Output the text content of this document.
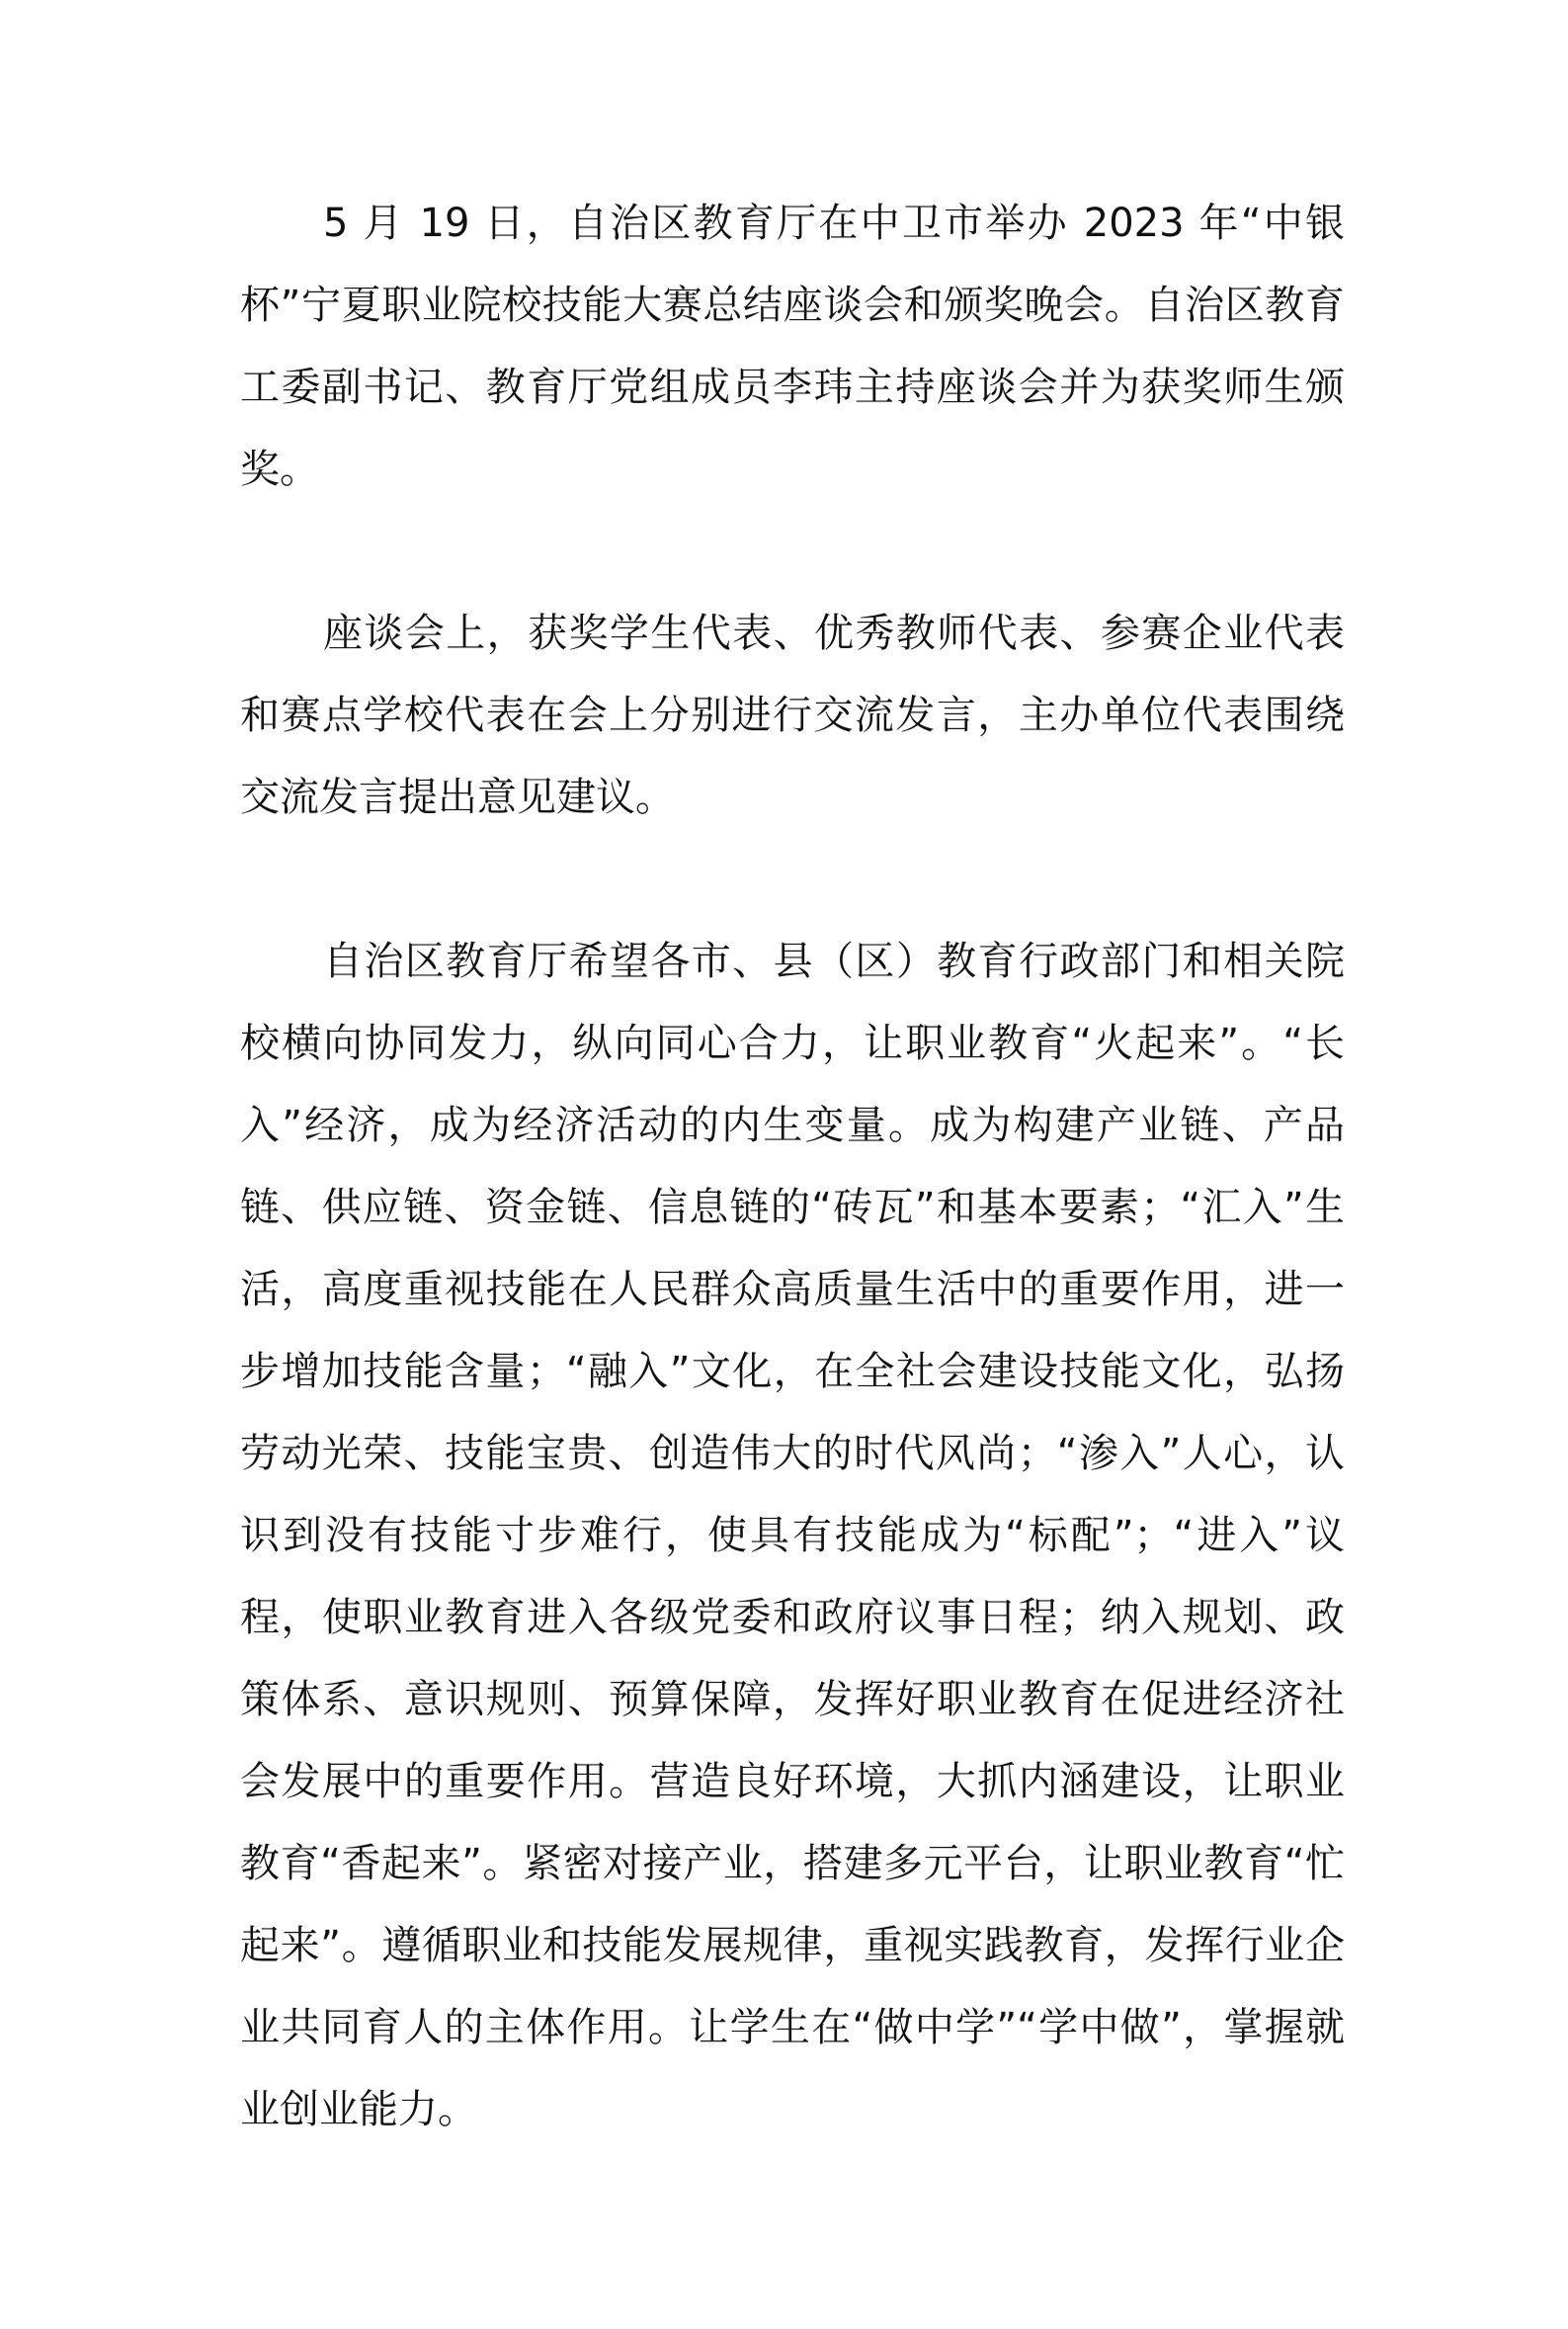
5 月 19 日，自治区教育厅在中卫市举办 2023 年“中银杯”宁夏职业院校技能大赛总结座谈会和颁奖晚会。自治区教育工委副书记、教育厅党组成员李玮主持座谈会并为获奖师生颁奖。

座谈会上，获奖学生代表、优秀教师代表、参赛企业代表和赛点学校代表在会上分别进行交流发言，主办单位代表围绕交流发言提出意见建议。

自治区教育厅希望各市、县（区）教育行政部门和相关院校横向协同发力，纵向同心合力，让职业教育“火起来”。“长入”经济，成为经济活动的内生变量。成为构建产业链、产品链、供应链、资金链、信息链的“砖瓦”和基本要素；“汇入”生活，高度重视技能在人民群众高质量生活中的重要作用，进一步增加技能含量；“融入”文化，在全社会建设技能文化，弘扬劳动光荣、技能宝贵、创造伟大的时代风尚；“渗入”人心，认识到没有技能寸步难行，使具有技能成为“标配”；“进入”议程，使职业教育进入各级党委和政府议事日程；纳入规划、政策体系、意识规则、预算保障，发挥好职业教育在促进经济社会发展中的重要作用。营造良好环境，大抓内涵建设，让职业教育“香起来”。紧密对接产业，搭建多元平台，让职业教育“忙起来”。遵循职业和技能发展规律，重视实践教育，发挥行业企业共同育人的主体作用。让学生在“做中学”“学中做”，掌握就业创业能力。
